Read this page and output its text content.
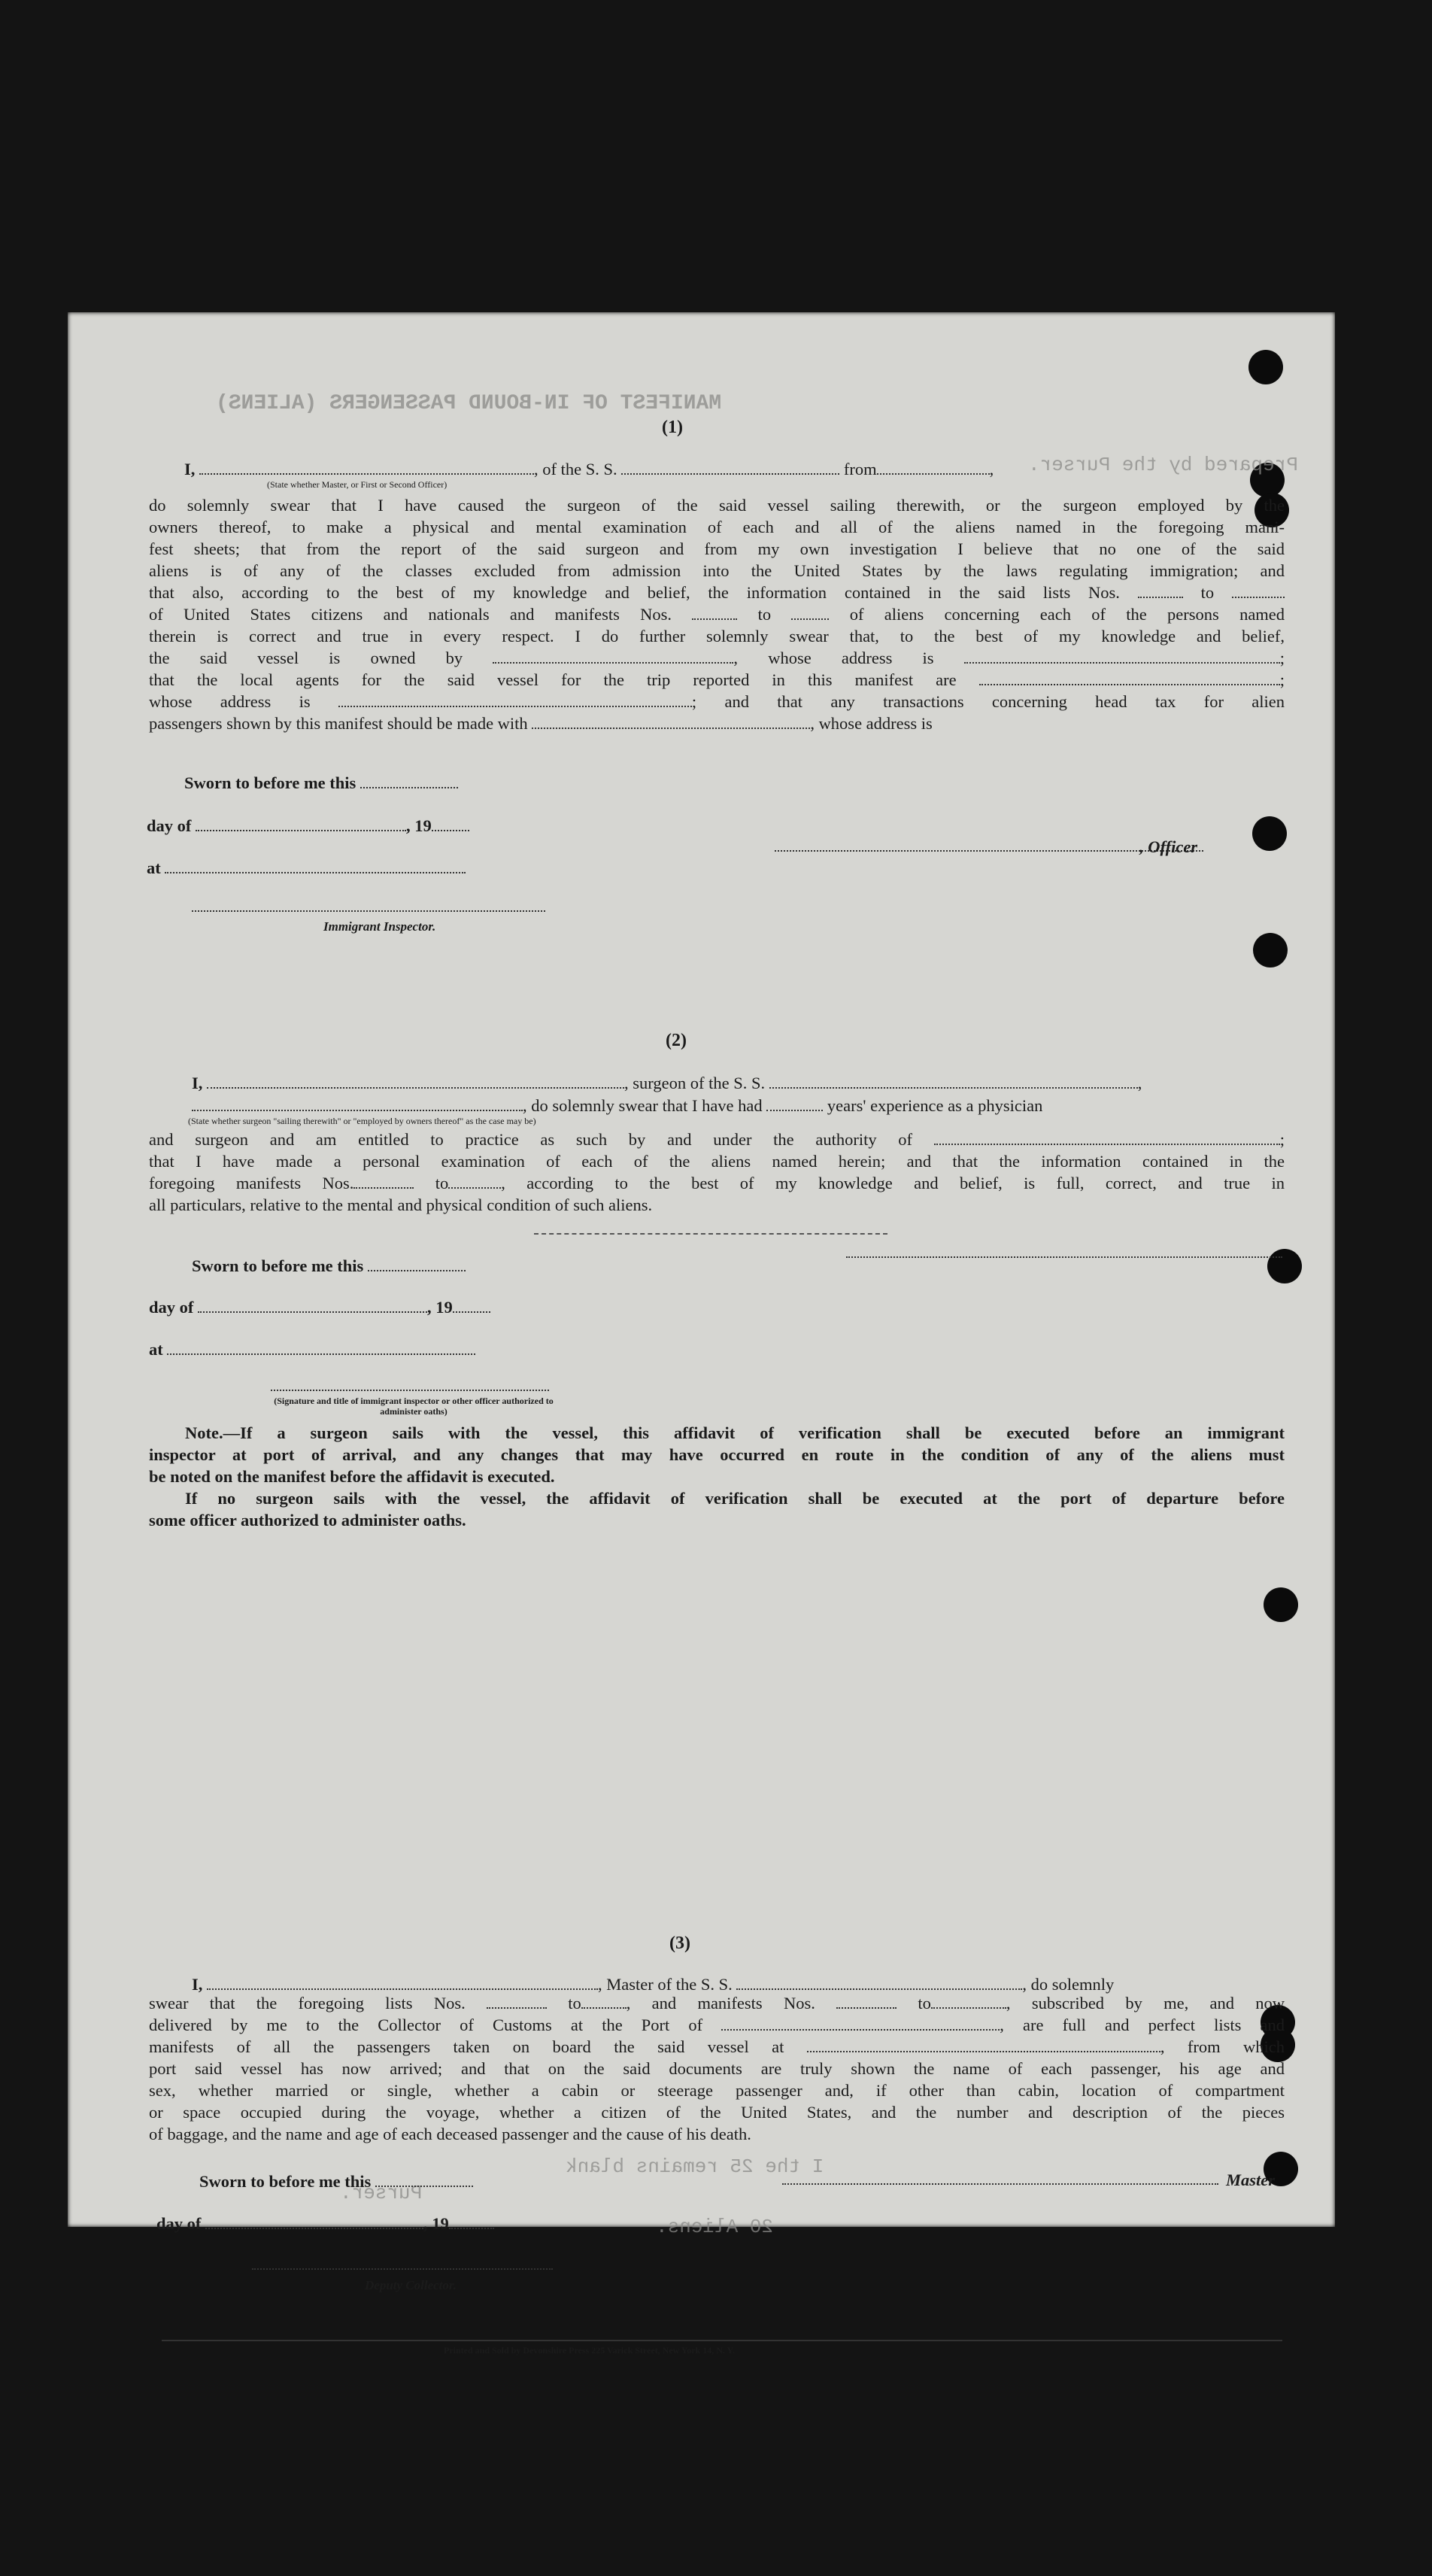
MANIFEST OF IN-BOUND PASSENGERS (ALIENS)

Prepared by the Purser.

I the 25 remains blank

Purser.

20 Aliens.

(1)
I,	, of the S. S.	from	,
(State whether Master, or First or Second Officer)

do solemnly swear that I have caused the surgeon of the said vessel sailing therewith, or the surgeon employed by the

owners thereof, to make a physical and mental examination of each and all of the aliens named in the foregoing mani-

fest sheets; that from the report of the said surgeon and from my own investigation I believe that no one of the said

aliens is of any of the classes excluded from admission into the United States by the laws regulating immigration; and

that also, according to the best of my knowledge and belief, the information contained in the said lists Nos.	to

of United States citizens and nationals and manifests Nos.	to	of aliens concerning each of the persons named

therein is correct and true in every respect. I do further solemnly swear that, to the best of my knowledge and belief,

the said vessel is owned by	, whose address is	;

that the local agents for the said vessel for the trip reported in this manifest are	;

whose address is	; and that any transactions concerning head tax for alien

passengers shown by this manifest should be made with	, whose address is

Sworn to before me this
day of	, 19
at
, Officer
Immigrant Inspector.
(2)
I,	, surgeon of the S. S.	,
, do solemnly swear that I have had	years' experience as a physician
(State whether surgeon "sailing therewith" or "employed by owners thereof" as the case may be)

and surgeon and am entitled to practice as such by and under the authority of	;

that I have made a personal examination of each of the aliens named herein; and that the information contained in the

foregoing manifests Nos.	to	, according to the best of my knowledge and belief, is full, correct, and true in

all particulars, relative to the mental and physical condition of such aliens.

Sworn to before me this
day of	, 19
at
(Signature and title of immigrant inspector or other officer authorized to administer oaths)

Note.—If a surgeon sails with the vessel, this affidavit of verification shall be executed before an immigrant

inspector at port of arrival, and any changes that may have occurred en route in the condition of any of the aliens must

be noted on the manifest before the affidavit is executed.

If no surgeon sails with the vessel, the affidavit of verification shall be executed at the port of departure before

some officer authorized to administer oaths.

(3)
I,	, Master of the S. S.	, do solemnly

swear that the foregoing lists Nos.	to	, and manifests Nos.	to	, subscribed by me, and now

delivered by me to the Collector of Customs at the Port of	, are full and perfect lists and

manifests of all the passengers taken on board the said vessel at	, from which

port said vessel has now arrived; and that on the said documents are truly shown the name of each passenger, his age and

sex, whether married or single, whether a cabin or steerage passenger and, if other than cabin, location of compartment

or space occupied during the voyage, whether a citizen of the United States, and the number and description of the pieces

of baggage, and the name and age of each deceased passenger and the cause of his death.

Sworn to before me this
day of	, 19
Master
Deputy Collector.
Printed and Sold by Devonshire Press 225 Varick Street, New York 14, N. Y.
